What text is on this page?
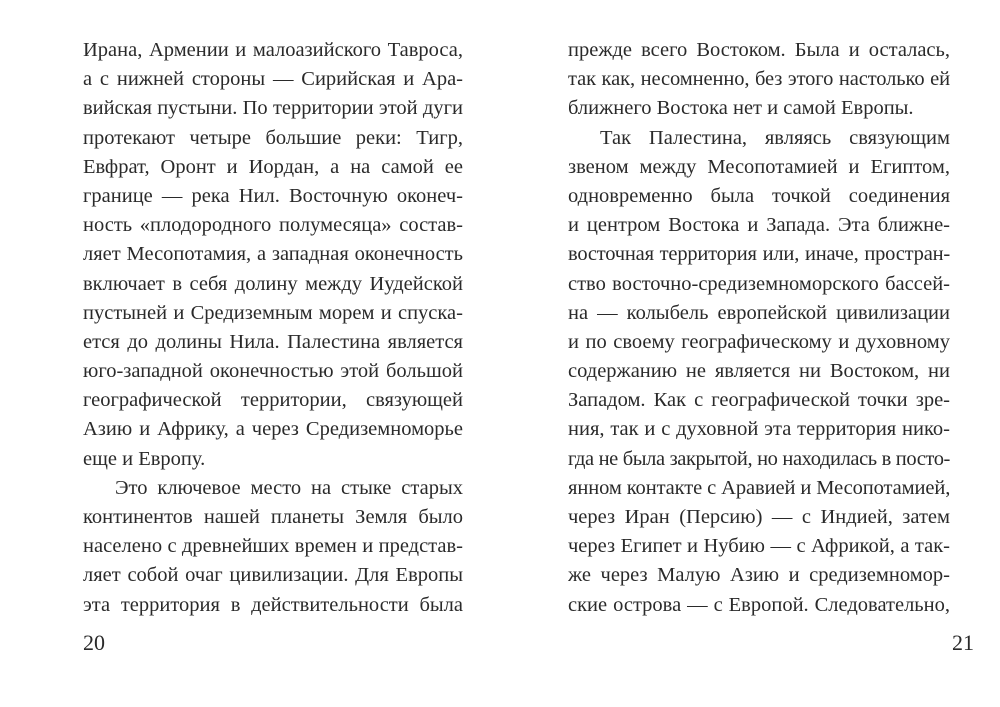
Ирана, Армении и малоазийского Тавроса,
а с нижней стороны — Сирийская и Ара-
вийская пустыни. По территории этой дуги
протекают четыре большие реки: Тигр,
Евфрат, Оронт и Иордан, а на самой ее
границе — река Нил. Восточную оконеч-
ность «плодородного полумесяца» состав-
ляет Месопотамия, а западная оконечность
включает в себя долину между Иудейской
пустыней и Средиземным морем и спуска-
ется до долины Нила. Палестина является
юго-западной оконечностью этой большой
географической территории, связующей
Азию и Африку, а через Средиземноморье
еще и Европу.
Это ключевое место на стыке старых
континентов нашей планеты Земля было
населено с древнейших времен и представ-
ляет собой очаг цивилизации. Для Европы
эта территория в действительности была
20
прежде всего Востоком. Была и осталась,
так как, несомненно, без этого настолько ей
ближнего Востока нет и самой Европы.
Так Палестина, являясь связующим
звеном между Месопотамией и Египтом,
одновременно была точкой соединения
и центром Востока и Запада. Эта ближне-
восточная территория или, иначе, простран-
ство восточно-средиземноморского бассей-
на — колыбель европейской цивилизации
и по своему географическому и духовному
содержанию не является ни Востоком, ни
Западом. Как с географической точки зре-
ния, так и с духовной эта территория нико-
гда не была закрытой, но находилась в посто-
янном контакте с Аравией и Месопотамией,
через Иран (Персию) — с Индией, затем
через Египет и Нубию — с Африкой, а так-
же через Малую Азию и средиземномор-
ские острова — с Европой. Следовательно,
21
